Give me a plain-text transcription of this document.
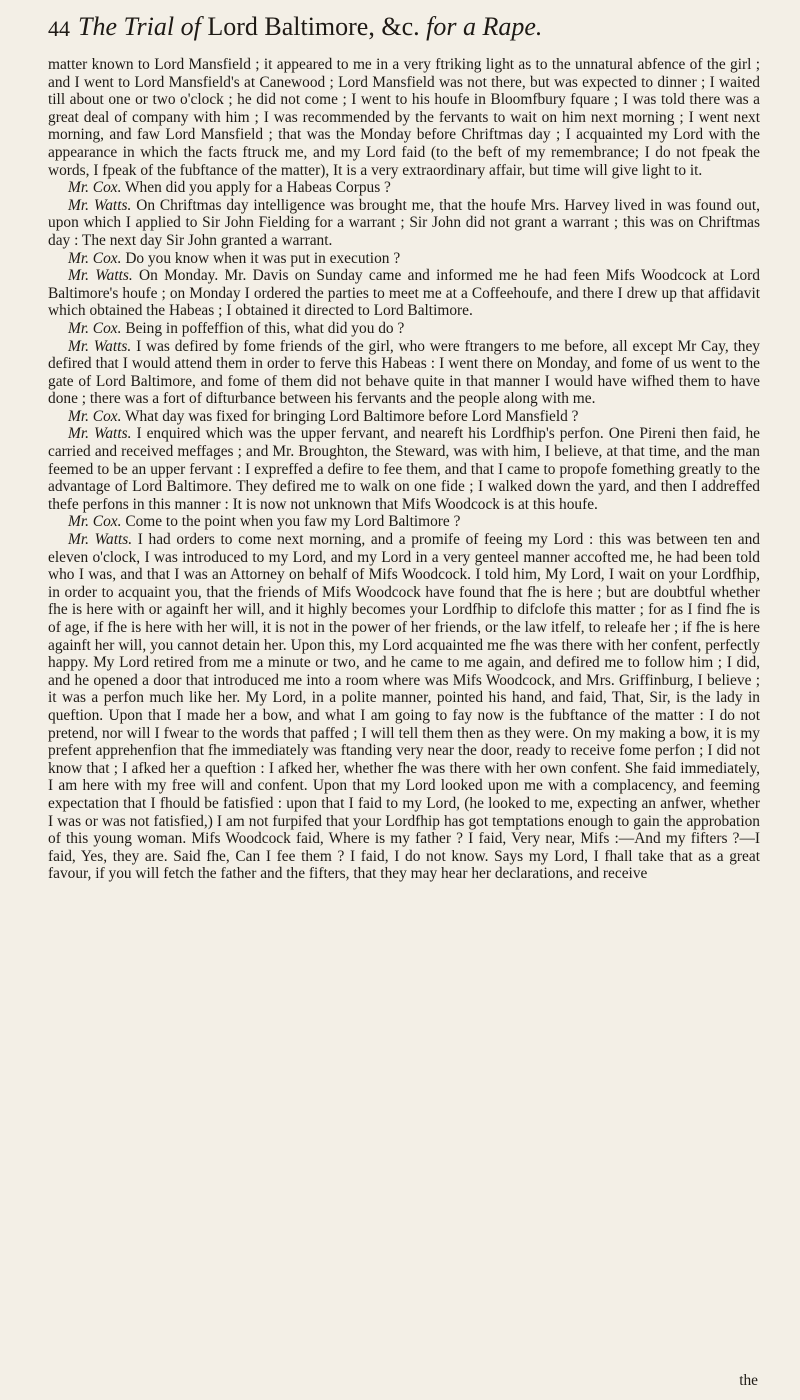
44 The Trial of Lord Baltimore, &c. for a Rape.

matter known to Lord Mansfield ; it appeared to me in a very ftriking light as to the unnatural abfence of the girl ; and I went to Lord Mansfield's at Canewood ; Lord Mansfield was not there, but was expected to dinner ; I waited till about one or two o'clock ; he did not come ; I went to his houfe in Bloomfbury fquare ; I was told there was a great deal of company with him ; I was recommended by the fervants to wait on him next morning ; I went next morning, and faw Lord Mansfield ; that was the Monday before Chriftmas day ; I acquainted my Lord with the appearance in which the facts ftruck me, and my Lord faid (to the beft of my remembrance; I do not fpeak the words, I fpeak of the fubftance of the matter), It is a very extraordinary affair, but time will give light to it.

Mr. Cox. When did you apply for a Habeas Corpus ?

Mr. Watts. On Chriftmas day intelligence was brought me, that the houfe Mrs. Harvey lived in was found out, upon which I applied to Sir John Fielding for a warrant ; Sir John did not grant a warrant ; this was on Chriftmas day : The next day Sir John granted a warrant.

Mr. Cox. Do you know when it was put in execution ?

Mr. Watts. On Monday. Mr. Davis on Sunday came and informed me he had feen Mifs Woodcock at Lord Baltimore's houfe ; on Monday I ordered the parties to meet me at a Coffeehoufe, and there I drew up that affidavit which obtained the Habeas ; I obtained it directed to Lord Baltimore.

Mr. Cox. Being in poffeffion of this, what did you do ?

Mr. Watts. I was defired by fome friends of the girl, who were ftrangers to me before, all except Mr Cay, they defired that I would attend them in order to ferve this Habeas : I went there on Monday, and fome of us went to the gate of Lord Baltimore, and fome of them did not behave quite in that manner I would have wifhed them to have done ; there was a fort of difturbance between his fervants and the people along with me.

Mr. Cox. What day was fixed for bringing Lord Baltimore before Lord Mansfield ?

Mr. Watts. I enquired which was the upper fervant, and neareft his Lordfhip's perfon. One Pireni then faid, he carried and received meffages ; and Mr. Broughton, the Steward, was with him, I believe, at that time, and the man feemed to be an upper fervant : I expreffed a defire to fee them, and that I came to propofe fomething greatly to the advantage of Lord Baltimore. They defired me to walk on one fide ; I walked down the yard, and then I addreffed thefe perfons in this manner : It is now not unknown that Mifs Woodcock is at this houfe.

Mr. Cox. Come to the point when you faw my Lord Baltimore ?

Mr. Watts. I had orders to come next morning, and a promife of feeing my Lord : this was between ten and eleven o'clock, I was introduced to my Lord, and my Lord in a very genteel manner accofted me, he had been told who I was, and that I was an Attorney on behalf of Mifs Woodcock. I told him, My Lord, I wait on your Lordfhip, in order to acquaint you, that the friends of Mifs Woodcock have found that fhe is here ; but are doubtful whether fhe is here with or againft her will, and it highly becomes your Lordfhip to difclofe this matter ; for as I find fhe is of age, if fhe is here with her will, it is not in the power of her friends, or the law itfelf, to releafe her ; if fhe is here againft her will, you cannot detain her. Upon this, my Lord acquainted me fhe was there with her confent, perfectly happy. My Lord retired from me a minute or two, and he came to me again, and defired me to follow him ; I did, and he opened a door that introduced me into a room where was Mifs Woodcock, and Mrs. Griffinburg, I believe ; it was a perfon much like her. My Lord, in a polite manner, pointed his hand, and faid, That, Sir, is the lady in queftion. Upon that I made her a bow, and what I am going to fay now is the fubftance of the matter : I do not pretend, nor will I fwear to the words that paffed ; I will tell them then as they were. On my making a bow, it is my prefent apprehenfion that fhe immediately was ftanding very near the door, ready to receive fome perfon ; I did not know that ; I afked her a queftion : I afked her, whether fhe was there with her own confent. She faid immediately, I am here with my free will and confent. Upon that my Lord looked upon me with a complacency, and feeming expectation that I fhould be fatisfied : upon that I faid to my Lord, (he looked to me, expecting an anfwer, whether I was or was not fatisfied,) I am not furpifed that your Lordfhip has got temptations enough to gain the approbation of this young woman. Mifs Woodcock faid, Where is my father ? I faid, Very near, Mifs :—And my fifters ?—I faid, Yes, they are. Said fhe, Can I fee them ? I faid, I do not know. Says my Lord, I fhall take that as a great favour, if you will fetch the father and the fifters, that they may hear her declarations, and receive

the
